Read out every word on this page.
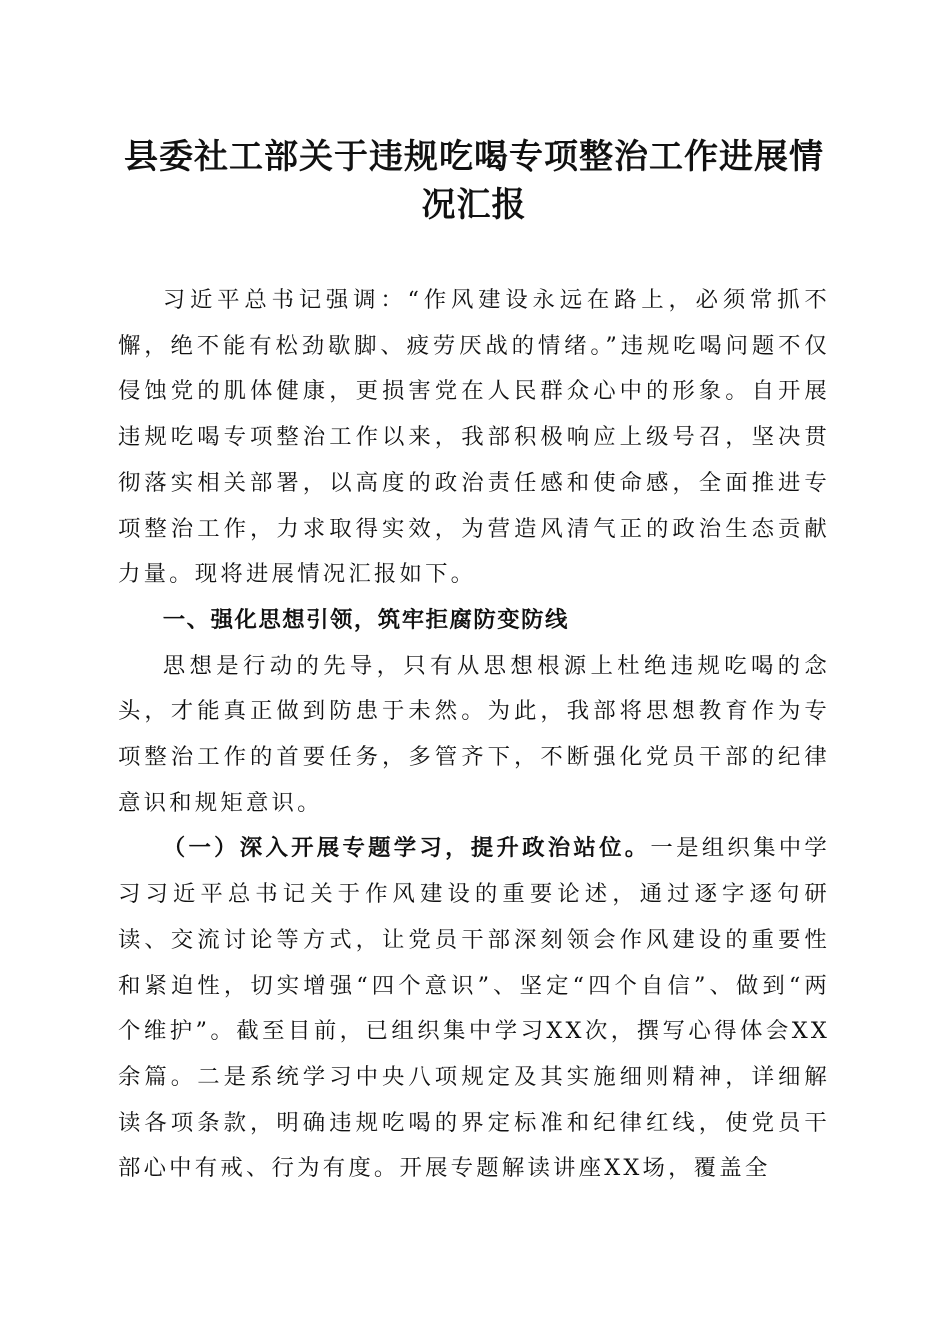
县委社工部关于违规吃喝专项整治工作进展情况汇报

习近平总书记强调：“作风建设永远在路上，必须常抓不懈，绝不能有松劲歇脚、疲劳厌战的情绪。”违规吃喝问题不仅侵蚀党的肌体健康，更损害党在人民群众心中的形象。自开展违规吃喝专项整治工作以来，我部积极响应上级号召，坚决贯彻落实相关部署，以高度的政治责任感和使命感，全面推进专项整治工作，力求取得实效，为营造风清气正的政治生态贡献力量。现将进展情况汇报如下。

一、强化思想引领，筑牢拒腐防变防线

思想是行动的先导，只有从思想根源上杜绝违规吃喝的念头，才能真正做到防患于未然。为此，我部将思想教育作为专项整治工作的首要任务，多管齐下，不断强化党员干部的纪律意识和规矩意识。

（一）深入开展专题学习，提升政治站位。一是组织集中学习习近平总书记关于作风建设的重要论述，通过逐字逐句研读、交流讨论等方式，让党员干部深刻领会作风建设的重要性和紧迫性，切实增强“四个意识”、坚定“四个自信”、做到“两个维护”。截至目前，已组织集中学习XX次，撰写心得体会XX余篇。二是系统学习中央八项规定及其实施细则精神，详细解读各项条款，明确违规吃喝的界定标准和纪律红线，使党员干部心中有戒、行为有度。开展专题解读讲座XX场，覆盖全
